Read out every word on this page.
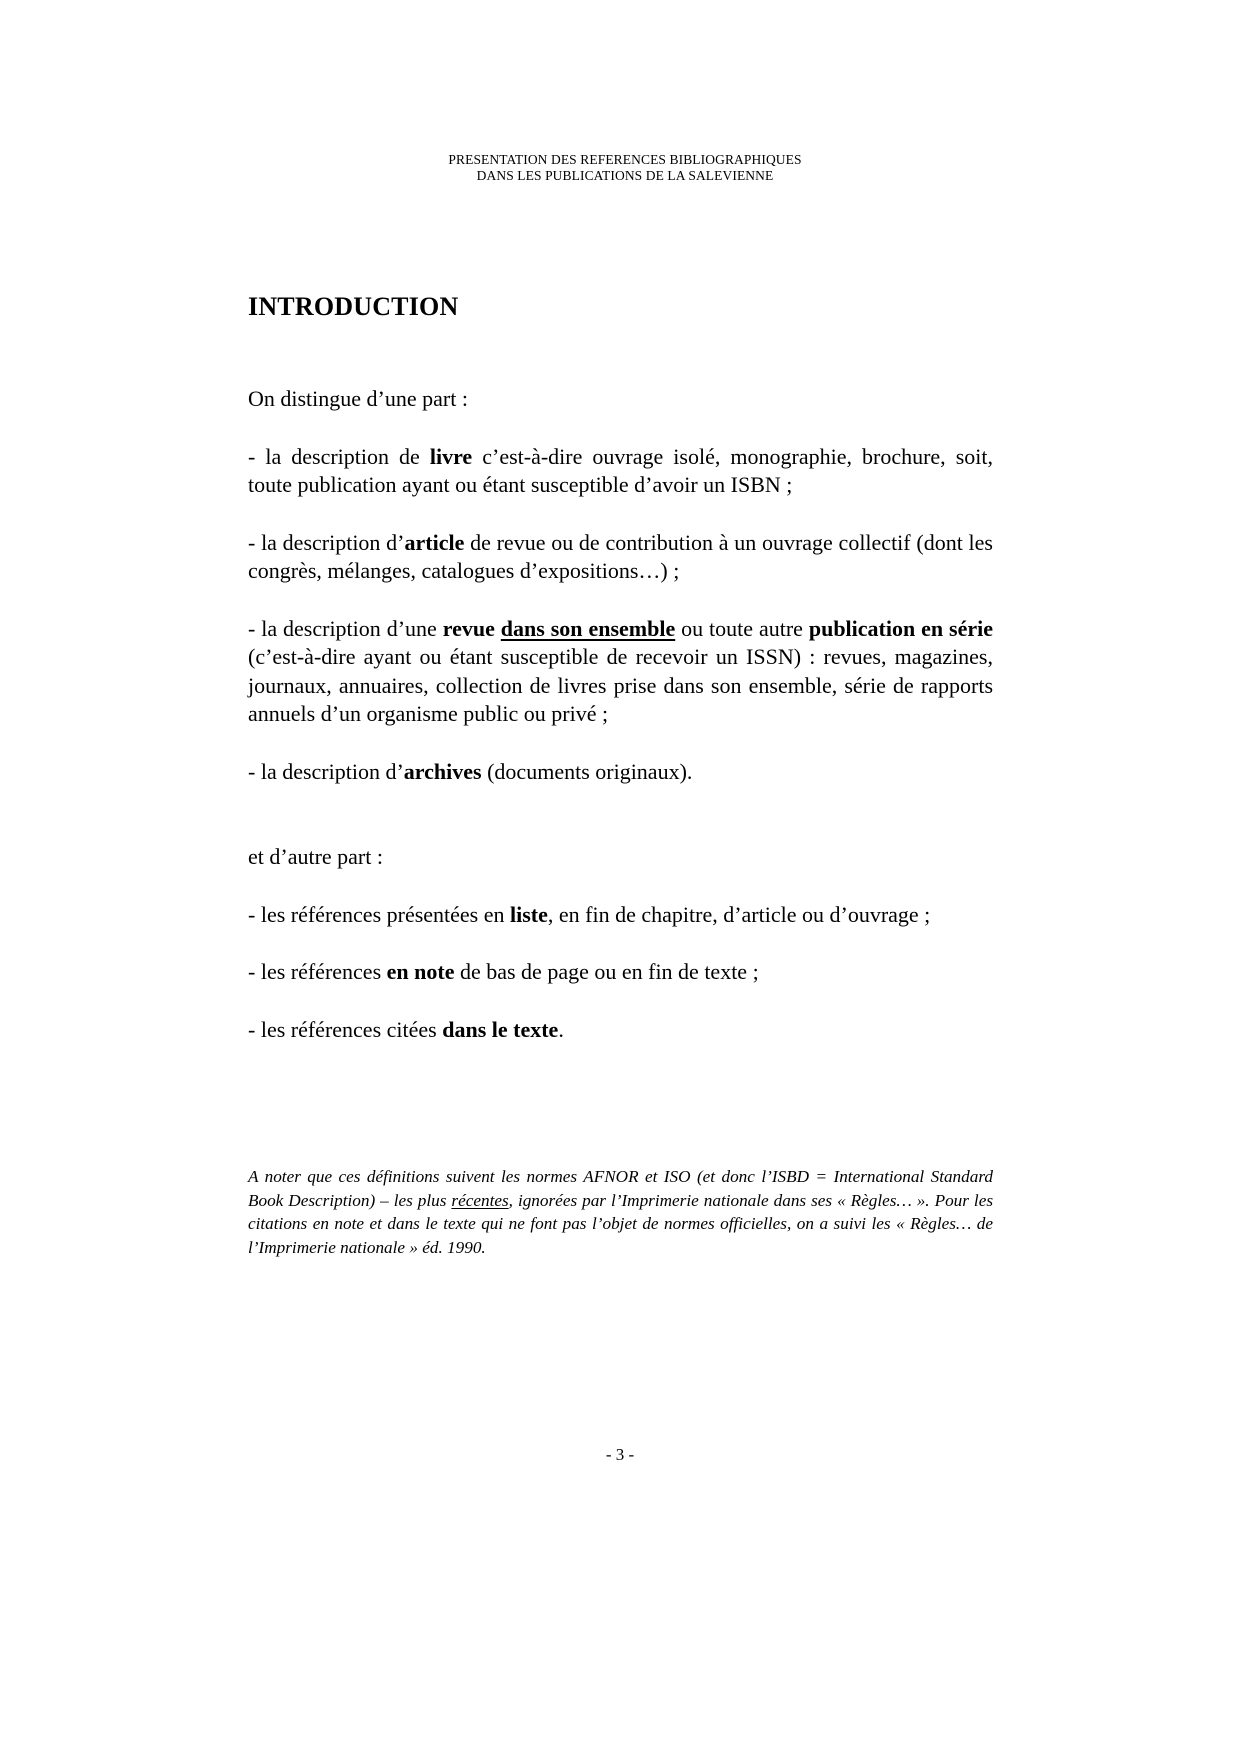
PRESENTATION DES REFERENCES BIBLIOGRAPHIQUES
DANS LES PUBLICATIONS DE LA SALEVIENNE
INTRODUCTION

On distingue d’une part :

- la description de livre c’est-à-dire ouvrage isolé, monographie, brochure, soit, toute publication ayant ou étant susceptible d’avoir un ISBN ;

- la description d’article de revue ou de contribution à un ouvrage collectif (dont les congrès, mélanges, catalogues d’expositions…) ;

- la description d’une revue dans son ensemble ou toute autre publication en série (c’est-à-dire ayant ou étant susceptible de recevoir un ISSN) : revues, magazines, journaux, annuaires, collection de livres prise dans son ensemble, série de rapports annuels d’un organisme public ou privé ;

- la description d’archives (documents originaux).

et d’autre part :

- les références présentées en liste, en fin de chapitre, d’article ou d’ouvrage ;

- les références en note de bas de page ou en fin de texte ;

- les références citées dans le texte.

A noter que ces définitions suivent les normes AFNOR et ISO (et donc l’ISBD = International Standard Book Description) – les plus récentes, ignorées par l’Imprimerie nationale dans ses « Règles… ». Pour les citations en note et dans le texte qui ne font pas l’objet de normes officielles, on a suivi les « Règles… de l’Imprimerie nationale » éd. 1990.

- 3 -
